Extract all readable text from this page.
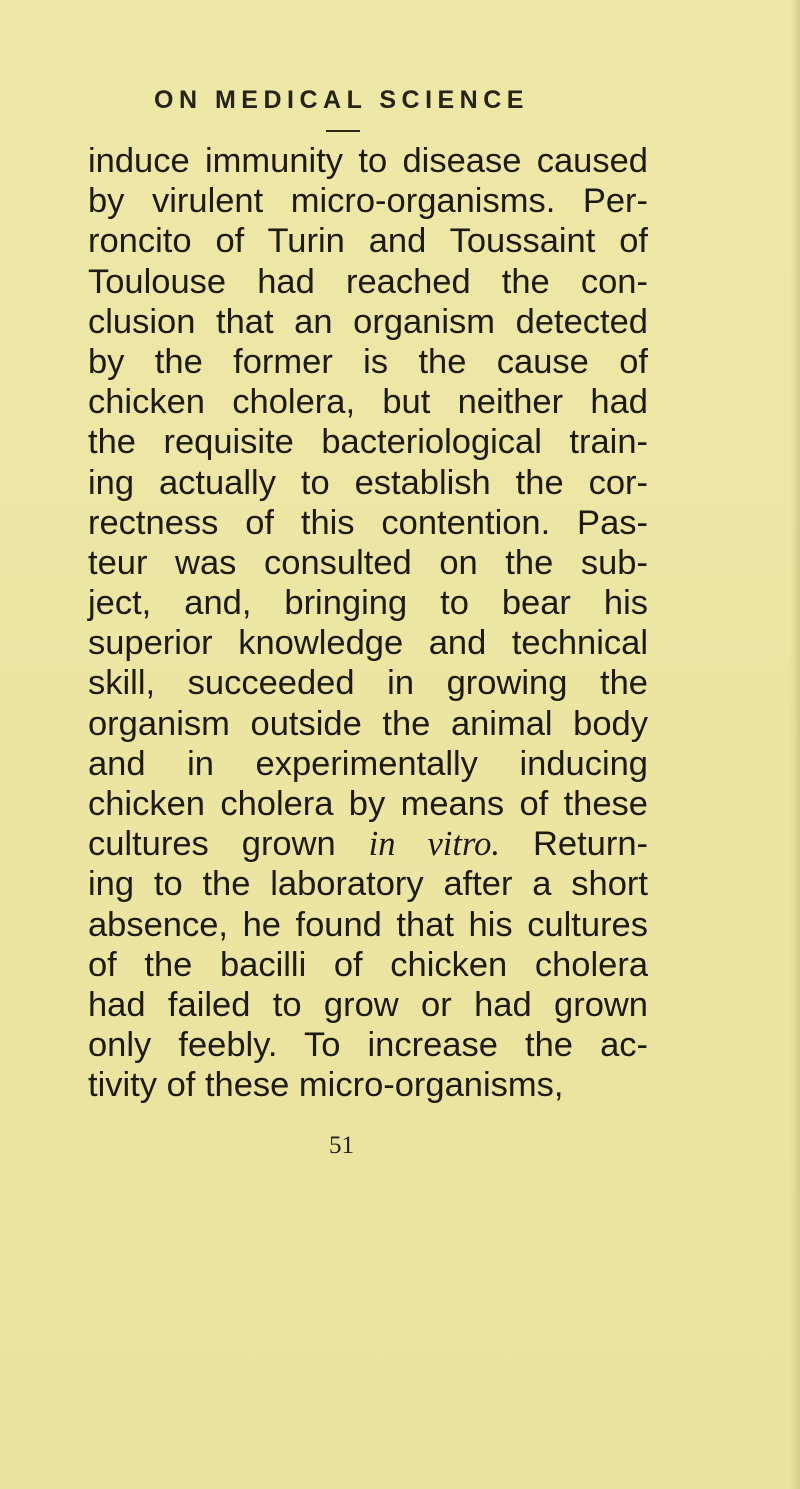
ON MEDICAL SCIENCE
induce immunity to disease caused
by virulent micro-organisms. Per-
roncito of Turin and Toussaint of
Toulouse had reached the con-
clusion that an organism detected
by the former is the cause of
chicken cholera, but neither had
the requisite bacteriological train-
ing actually to establish the cor-
rectness of this contention. Pas-
teur was consulted on the sub-
ject, and, bringing to bear his
superior knowledge and technical
skill, succeeded in growing the
organism outside the animal body
and in experimentally inducing
chicken cholera by means of these
cultures grown in vitro. Return-
ing to the laboratory after a short
absence, he found that his cultures
of the bacilli of chicken cholera
had failed to grow or had grown
only feebly. To increase the ac-
tivity of these micro-organisms,
51
